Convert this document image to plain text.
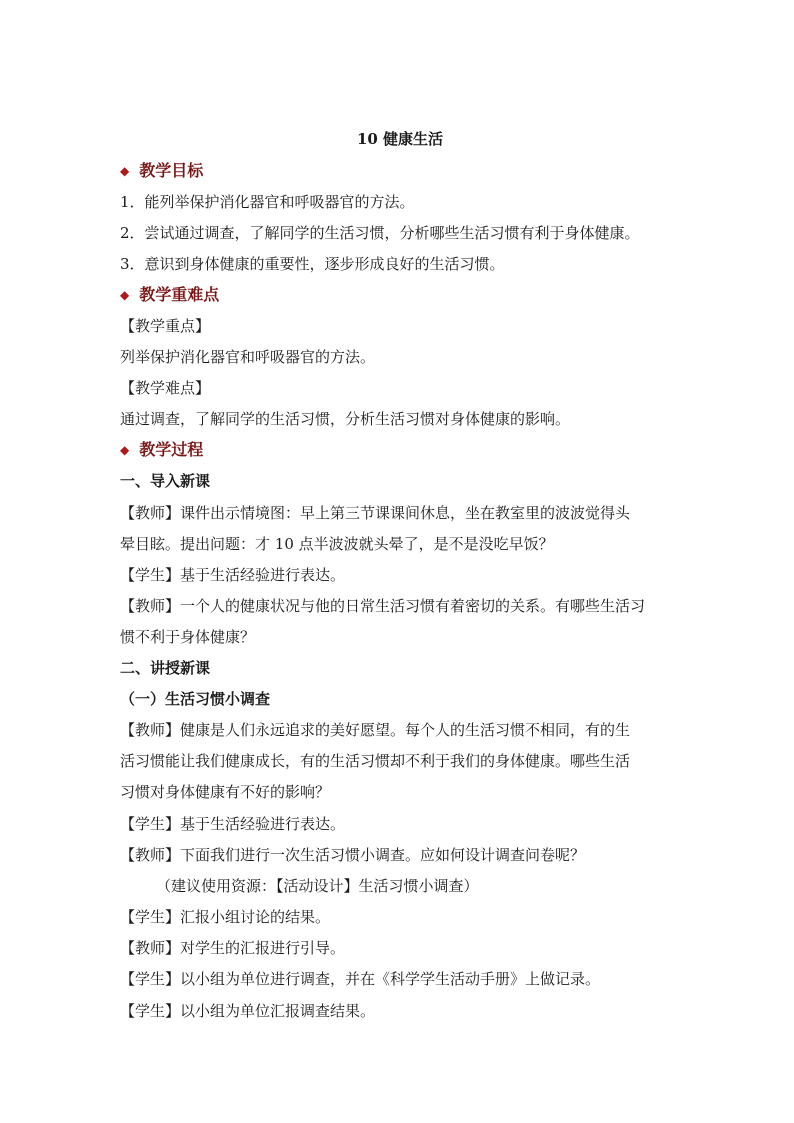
10 健康生活
◆ 教学目标
1．能列举保护消化器官和呼吸器官的方法。
2．尝试通过调查，了解同学的生活习惯，分析哪些生活习惯有利于身体健康。
3．意识到身体健康的重要性，逐步形成良好的生活习惯。
◆ 教学重难点
【教学重点】
列举保护消化器官和呼吸器官的方法。
【教学难点】
通过调查，了解同学的生活习惯，分析生活习惯对身体健康的影响。
◆ 教学过程
一、导入新课
【教师】课件出示情境图：早上第三节课课间休息，坐在教室里的波波觉得头
晕目眩。提出问题：才 10 点半波波就头晕了，是不是没吃早饭？
【学生】基于生活经验进行表达。
【教师】一个人的健康状况与他的日常生活习惯有着密切的关系。有哪些生活习
惯不利于身体健康？
二、讲授新课
（一）生活习惯小调查
【教师】健康是人们永远追求的美好愿望。每个人的生活习惯不相同，有的生
活习惯能让我们健康成长，有的生活习惯却不利于我们的身体健康。哪些生活
习惯对身体健康有不好的影响？
【学生】基于生活经验进行表达。
【教师】下面我们进行一次生活习惯小调查。应如何设计调查问卷呢？
（建议使用资源：【活动设计】生活习惯小调查）
【学生】汇报小组讨论的结果。
【教师】对学生的汇报进行引导。
【学生】以小组为单位进行调查，并在《科学学生活动手册》上做记录。
【学生】以小组为单位汇报调查结果。
